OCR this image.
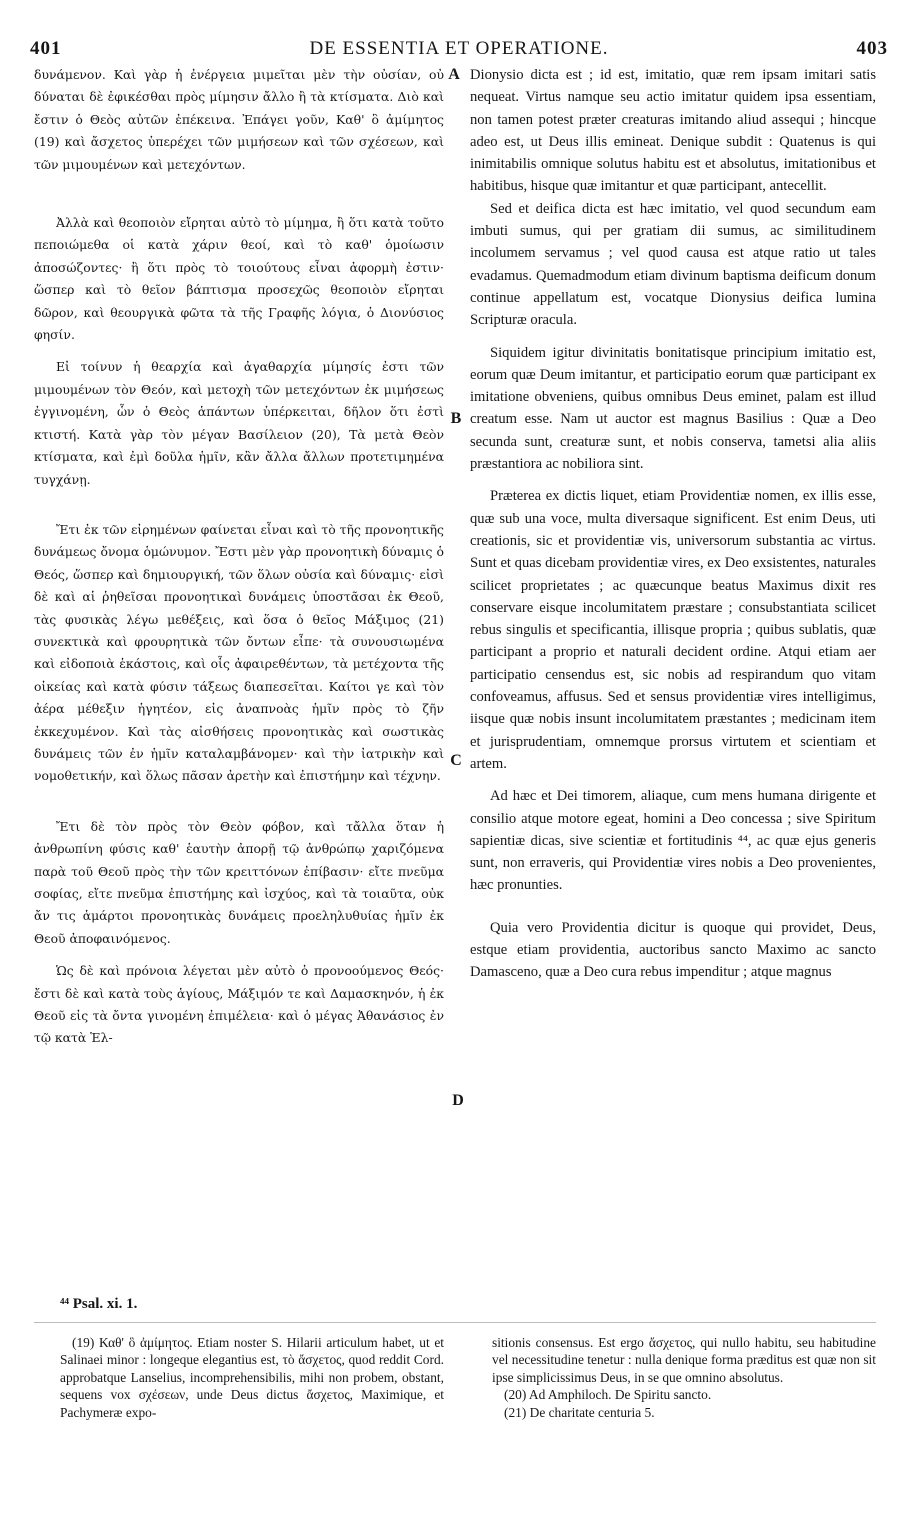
401	DE ESSENTIA ET OPERATIONE.	403

δυνάμενον. Καὶ γὰρ ἡ ἐνέργεια μιμεῖται μὲν τὴν οὐσίαν, οὐ δύναται δὲ ἐφικέσθαι πρὸς μίμησιν ἄλλο ἢ τὰ κτίσματα. Διὸ καὶ ἔστιν ὁ Θεὸς αὐτῶν ἐπέκεινα. Ἐπάγει γοῦν, Καθ' ὃ ἀμίμητος (19) καὶ ἄσχετος ὑπερέχει τῶν μιμήσεων καὶ τῶν σχέσεων, καὶ τῶν μιμουμένων καὶ μετεχόντων.

Ἀλλὰ καὶ θεοποιὸν εἴρηται αὐτὸ τὸ μίμημα, ἢ ὅτι κατὰ τοῦτο πεποιώμεθα οἱ κατὰ χάριν θεοί, καὶ τὸ καθ' ὁμοίωσιν ἀποσώζοντες· ἢ ὅτι πρὸς τὸ τοιούτους εἶναι ἀφορμὴ ἐστιν· ὥσπερ καὶ τὸ θεῖον βάπτισμα προσεχῶς θεοποιὸν εἴρηται δῶρον, καὶ θεουργικὰ φῶτα τὰ τῆς Γραφῆς λόγια, ὁ Διονύσιος φησίν.

Εἰ τοίνυν ἡ θεαρχία καὶ ἀγαθαρχία μίμησίς ἐστι τῶν μιμουμένων τὸν Θεόν, καὶ μετοχὴ τῶν μετεχόντων ἐκ μιμήσεως ἐγγινομένη, ὧν ὁ Θεὸς ἁπάντων ὑπέρκειται, δῆλον ὅτι ἐστὶ κτιστή. Κατὰ γὰρ τὸν μέγαν Βασίλειον (20), Τὰ μετὰ Θεὸν κτίσματα, καὶ ἐμὶ δοῦλα ἡμῖν, κἂν ἄλλα ἄλλων προτετιμημένα τυγχάνῃ.

Ἔτι ἐκ τῶν εἰρημένων φαίνεται εἶναι καὶ τὸ τῆς προνοητικῆς δυνάμεως ὄνομα ὁμώνυμον. Ἔστι μὲν γὰρ προνοητικὴ δύναμις ὁ Θεός, ὥσπερ καὶ δημιουργική, τῶν ὅλων οὐσία καὶ δύναμις· εἰσὶ δὲ καὶ αἱ ῥηθεῖσαι προνοητικαὶ δυνάμεις ὑποστᾶσαι ἐκ Θεοῦ, τὰς φυσικὰς λέγω μεθέξεις, καὶ ὅσα ὁ θεῖος Μάξιμος (21) συνεκτικὰ καὶ φρουρητικὰ τῶν ὄντων εἶπε· τὰ συνουσιωμένα καὶ εἰδοποιὰ ἑκάστοις, καὶ οἷς ἀφαιρεθέντων, τὰ μετέχοντα τῆς οἰκείας καὶ κατὰ φύσιν τάξεως διαπεσεῖται. Καίτοι γε καὶ τὸν ἀέρα μέθεξιν ἡγητέον, εἰς ἀναπνοὰς ἡμῖν πρὸς τὸ ζῆν ἐκκεχυμένον. Καὶ τὰς αἰσθήσεις προνοητικὰς καὶ σωστικὰς δυνάμεις τῶν ἐν ἡμῖν καταλαμβάνομεν· καὶ τὴν ἰατρικὴν καὶ νομοθετικήν, καὶ ὅλως πᾶσαν ἀρετὴν καὶ ἐπιστήμην καὶ τέχνην.

Ἔτι δὲ τὸν πρὸς τὸν Θεὸν φόβον, καὶ τἄλλα ὅταν ἡ ἀνθρωπίνη φύσις καθ' ἑαυτὴν ἀπορῇ τῷ ἀνθρώπῳ χαριζόμενα παρὰ τοῦ Θεοῦ πρὸς τὴν τῶν κρειττόνων ἐπίβασιν· εἴτε πνεῦμα σοφίας, εἴτε πνεῦμα ἐπιστήμης καὶ ἰσχύος, καὶ τὰ τοιαῦτα, οὐκ ἄν τις ἁμάρτοι προνοητικὰς δυνάμεις προεληλυθυίας ἡμῖν ἐκ Θεοῦ ἀποφαινόμενος.

Ὡς δὲ καὶ πρόνοια λέγεται μὲν αὐτὸ ὁ προνοούμενος Θεός· ἔστι δὲ καὶ κατὰ τοὺς ἁγίους, Μάξιμόν τε καὶ Δαμασκηνόν, ἡ ἐκ Θεοῦ εἰς τὰ ὄντα γινομένη ἐπιμέλεια· καὶ ὁ μέγας Ἀθανάσιος ἐν τῷ κατὰ Ἑλ-

A
B
C
D

Dionysio dicta est ; id est, imitatio, quæ rem ipsam imitari satis nequeat. Virtus namque seu actio imitatur quidem ipsa essentiam, non tamen potest præter creaturas imitando aliud assequi ; hincque adeo est, ut Deus illis emineat. Denique subdit : Quatenus is qui inimitabilis omnique solutus habitu est et absolutus, imitationibus et habitibus, hisque quæ imitantur et quæ participant, antecellit.

Sed et deifica dicta est hæc imitatio, vel quod secundum eam imbuti sumus, qui per gratiam dii sumus, ac similitudinem incolumem servamus ; vel quod causa est atque ratio ut tales evadamus. Quemadmodum etiam divinum baptisma deificum donum continue appellatum est, vocatque Dionysius deifica lumina Scripturæ oracula.

Siquidem igitur divinitatis bonitatisque principium imitatio est, eorum quæ Deum imitantur, et participatio eorum quæ participant ex imitatione obveniens, quibus omnibus Deus eminet, palam est illud creatum esse. Nam ut auctor est magnus Basilius : Quæ a Deo secunda sunt, creaturæ sunt, et nobis conserva, tametsi alia aliis præstantiora ac nobiliora sint.

Præterea ex dictis liquet, etiam Providentiæ nomen, ex illis esse, quæ sub una voce, multa diversaque significent. Est enim Deus, uti creationis, sic et providentiæ vis, universorum substantia ac virtus. Sunt et quas dicebam providentiæ vires, ex Deo exsistentes, naturales scilicet proprietates ; ac quæcunque beatus Maximus dixit res conservare eisque incolumitatem præstare ; consubstantiata scilicet rebus singulis et specificantia, illisque propria ; quibus sublatis, quæ participant a proprio et naturali decident ordine. Atqui etiam aer participatio censendus est, sic nobis ad respirandum quo vitam confoveamus, affusus. Sed et sensus providentiæ vires intelligimus, iisque quæ nobis insunt incolumitatem præstantes ; medicinam item et jurisprudentiam, omnemque prorsus virtutem et scientiam et artem.

Ad hæc et Dei timorem, aliaque, cum mens humana dirigente et consilio atque motore egeat, homini a Deo concessa ; sive Spiritum sapientiæ dicas, sive scientiæ et fortitudinis ⁴⁴, ac quæ ejus generis sunt, non erraveris, qui Providentiæ vires nobis a Deo provenientes, hæc pronunties.

Quia vero Providentia dicitur is quoque qui providet, Deus, estque etiam providentia, auctoribus sancto Maximo ac sancto Damasceno, quæ a Deo cura rebus impenditur ; atque magnus

⁴⁴ Psal. xi. 1.

(19) Καθ' ὃ ἀμίμητος. Etiam noster S. Hilarii articulum habet, ut et Salinaei minor : longeque elegantius est, τὸ ἄσχετος, quod reddit Cord. approbatque Lanselius, incomprehensibilis, mihi non probem, obstant, sequens vox σχέσεων, unde Deus dictus ἄσχετος, Maximique, et Pachymeræ expo-

sitionis consensus. Est ergo ἄσχετος, qui nullo habitu, seu habitudine vel necessitudine tenetur : nulla denique forma præditus est quæ non sit ipse simplicissimus Deus, in se que omnino absolutus.

(20) Ad Amphiloch. De Spiritu sancto.

(21) De charitate centuria 5.
